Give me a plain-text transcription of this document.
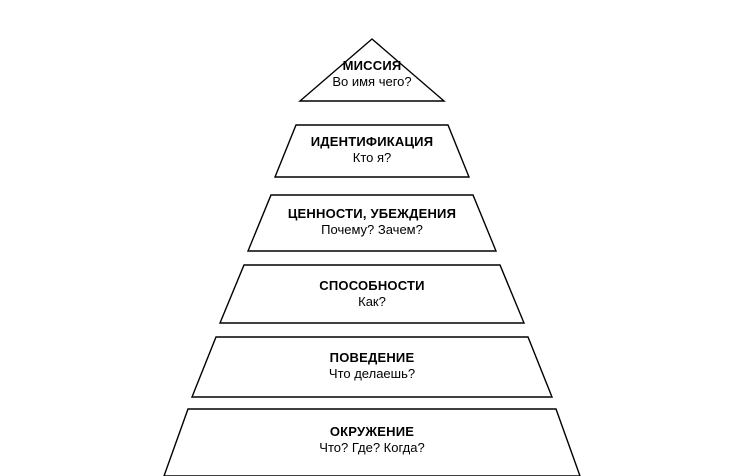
МИССИЯ
Во имя чего?
ИДЕНТИФИКАЦИЯ
Кто я?
ЦЕННОСТИ, УБЕЖДЕНИЯ
Почему? Зачем?
СПОСОБНОСТИ
Как?
ПОВЕДЕНИЕ
Что делаешь?
ОКРУЖЕНИЕ
Что? Где? Когда?
